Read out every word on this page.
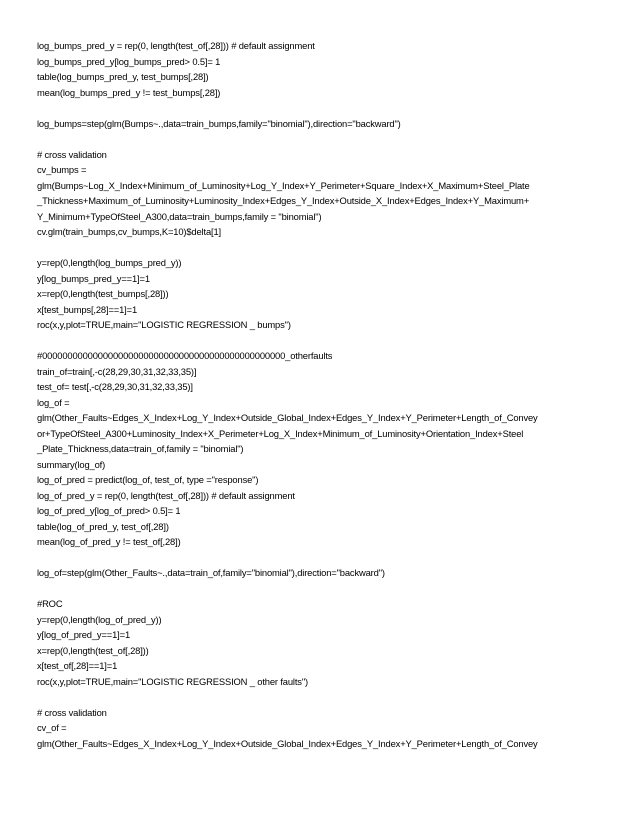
log_bumps_pred_y = rep(0, length(test_of[,28])) # default assignment
log_bumps_pred_y[log_bumps_pred> 0.5]= 1
table(log_bumps_pred_y, test_bumps[,28])
mean(log_bumps_pred_y != test_bumps[,28])
log_bumps=step(glm(Bumps~.,data=train_bumps,family="binomial"),direction="backward")
# cross validation
cv_bumps =
glm(Bumps~Log_X_Index+Minimum_of_Luminosity+Log_Y_Index+Y_Perimeter+Square_Index+X_Maximum+Steel_Plate
_Thickness+Maximum_of_Luminosity+Luminosity_Index+Edges_Y_Index+Outside_X_Index+Edges_Index+Y_Maximum+
Y_Minimum+TypeOfSteel_A300,data=train_bumps,family = "binomial")
cv.glm(train_bumps,cv_bumps,K=10)$delta[1]
y=rep(0,length(log_bumps_pred_y))
y[log_bumps_pred_y==1]=1
x=rep(0,length(test_bumps[,28]))
x[test_bumps[,28]==1]=1
roc(x,y,plot=TRUE,main="LOGISTIC REGRESSION _ bumps")
#000000000000000000000000000000000000000000000000_otherfaults
train_of=train[,-c(28,29,30,31,32,33,35)]
test_of= test[,-c(28,29,30,31,32,33,35)]
log_of =
glm(Other_Faults~Edges_X_Index+Log_Y_Index+Outside_Global_Index+Edges_Y_Index+Y_Perimeter+Length_of_Convey
or+TypeOfSteel_A300+Luminosity_Index+X_Perimeter+Log_X_Index+Minimum_of_Luminosity+Orientation_Index+Steel
_Plate_Thickness,data=train_of,family = "binomial")
summary(log_of)
log_of_pred = predict(log_of, test_of, type ="response")
log_of_pred_y = rep(0, length(test_of[,28])) # default assignment
log_of_pred_y[log_of_pred> 0.5]= 1
table(log_of_pred_y, test_of[,28])
mean(log_of_pred_y != test_of[,28])
log_of=step(glm(Other_Faults~.,data=train_of,family="binomial"),direction="backward")
#ROC
y=rep(0,length(log_of_pred_y))
y[log_of_pred_y==1]=1
x=rep(0,length(test_of[,28]))
x[test_of[,28]==1]=1
roc(x,y,plot=TRUE,main="LOGISTIC REGRESSION _ other faults")
# cross validation
cv_of =
glm(Other_Faults~Edges_X_Index+Log_Y_Index+Outside_Global_Index+Edges_Y_Index+Y_Perimeter+Length_of_Convey
